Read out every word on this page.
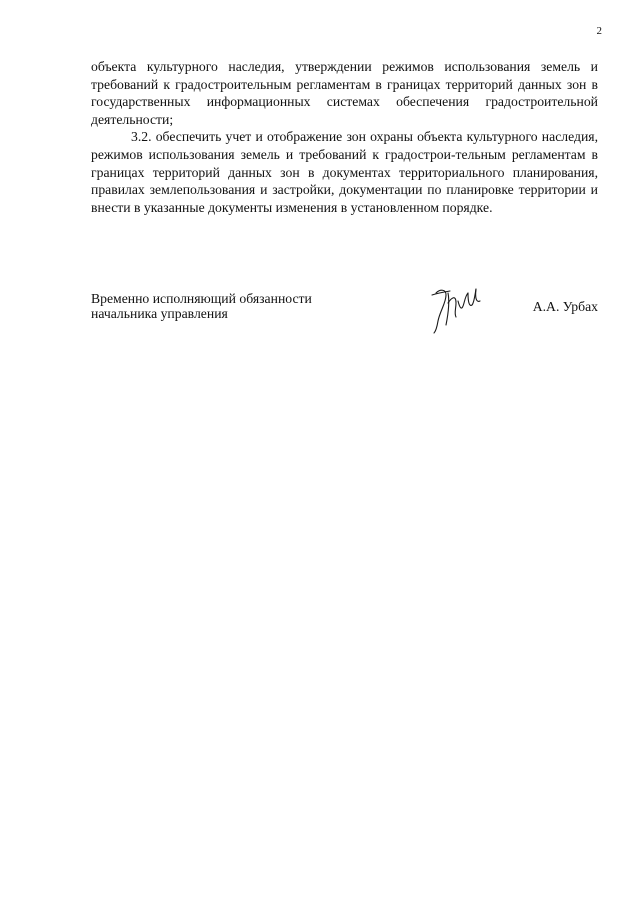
2

объекта культурного наследия, утверждении режимов использования земель и требований к градостроительным регламентам в границах территорий данных зон в государственных информационных системах обеспечения градостроительной деятельности;

3.2. обеспечить учет и отображение зон охраны объекта культурного наследия, режимов использования земель и требований к градострои-тельным регламентам в границах территорий данных зон в документах территориального планирования, правилах землепользования и застройки, документации по планировке территории и внести в указанные документы изменения в установленном порядке.

Временно исполняющий обязанности
начальника управления	А.А. Урбах
